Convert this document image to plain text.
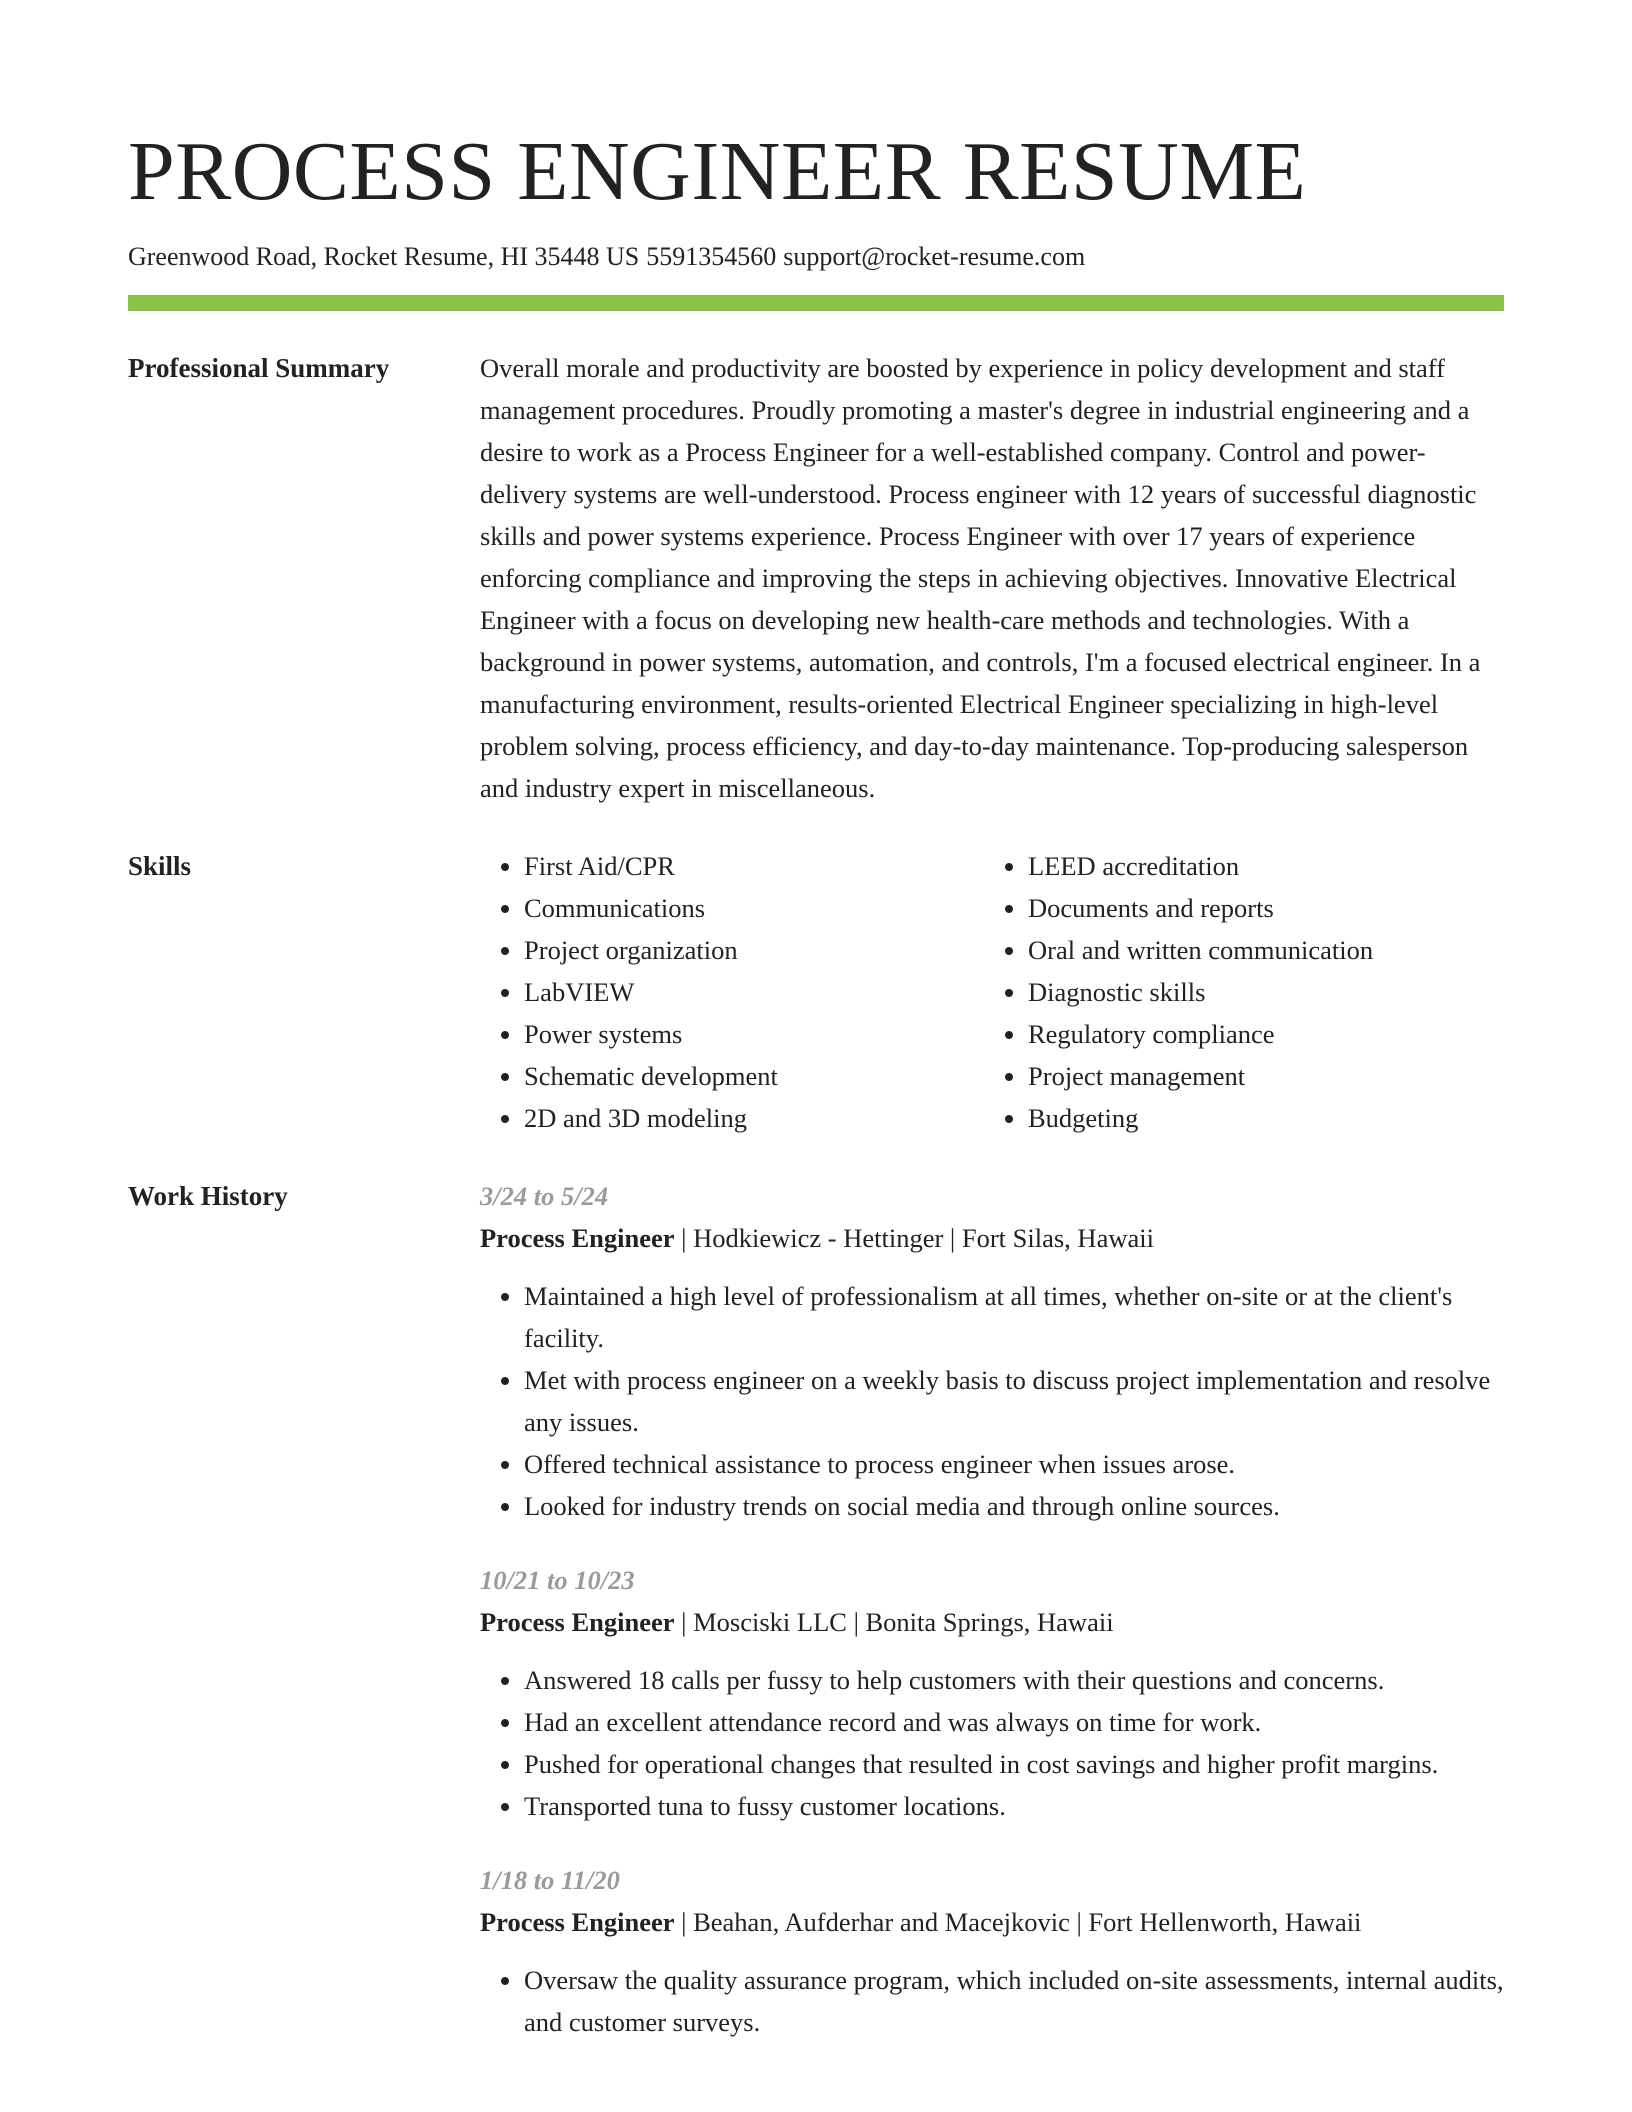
PROCESS ENGINEER RESUME
Greenwood Road, Rocket Resume, HI 35448 US 5591354560 support@rocket-resume.com
Professional Summary	Overall morale and productivity are boosted by experience in policy development and staff management procedures. Proudly promoting a master's degree in industrial engineering and a desire to work as a Process Engineer for a well-established company. Control and power-delivery systems are well-understood. Process engineer with 12 years of successful diagnostic skills and power systems experience. Process Engineer with over 17 years of experience enforcing compliance and improving the steps in achieving objectives. Innovative Electrical Engineer with a focus on developing new health-care methods and technologies. With a background in power systems, automation, and controls, I'm a focused electrical engineer. In a manufacturing environment, results-oriented Electrical Engineer specializing in high-level problem solving, process efficiency, and day-to-day maintenance. Top-producing salesperson and industry expert in miscellaneous.

Skills
•	First Aid/CPR
• Communications
• Project organization
• LabVIEW
• Power systems
• Schematic development
• 2D and 3D modeling
• LEED accreditation
• Documents and reports
• Oral and written communication
• Diagnostic skills
• Regulatory compliance
• Project management
• Budgeting
Work History	3/24 to 5/24
Process Engineer | Hodkiewicz - Hettinger | Fort Silas, Hawaii
• Maintained a high level of professionalism at all times, whether on-site or at the client's facility.
• Met with process engineer on a weekly basis to discuss project implementation and resolve any issues.
• Offered technical assistance to process engineer when issues arose.
• Looked for industry trends on social media and through online sources.
10/21 to 10/23
Process Engineer | Mosciski LLC | Bonita Springs, Hawaii
• Answered 18 calls per fussy to help customers with their questions and concerns.
• Had an excellent attendance record and was always on time for work.
• Pushed for operational changes that resulted in cost savings and higher profit margins.
• Transported tuna to fussy customer locations.
1/18 to 11/20
Process Engineer | Beahan, Aufderhar and Macejkovic | Fort Hellenworth, Hawaii
• Oversaw the quality assurance program, which included on-site assessments, internal audits, and customer surveys.
